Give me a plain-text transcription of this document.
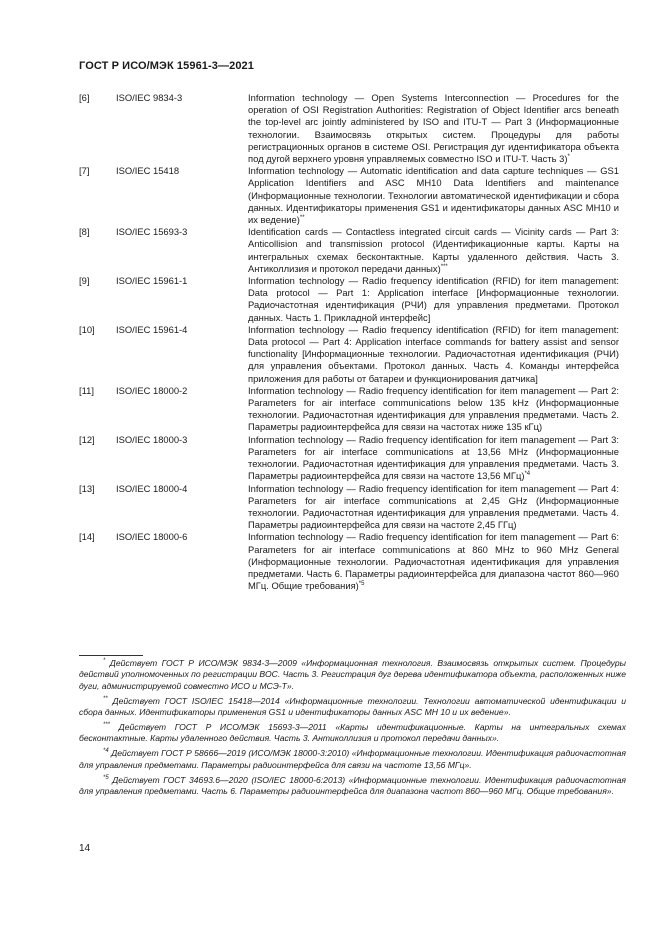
ГОСТ Р ИСО/МЭК 15961-3—2021
[6]	ISO/IEC 9834-3	Information technology — Open Systems Interconnection — Procedures for the operation of OSI Registration Authorities: Registration of Object Identifier arcs beneath the top-level arc jointly administered by ISO and ITU-T — Part 3 (Информационные технологии. Взаимосвязь открытых систем. Процедуры для работы регистрационных органов в системе OSI. Регистрация дуг идентификатора объекта под дугой верхнего уровня управляемых совместно ISO и ITU-T. Часть 3)*
[7]	ISO/IEC 15418	Information technology — Automatic identification and data capture techniques — GS1 Application Identifiers and ASC MH10 Data Identifiers and maintenance (Информационные технологии. Технологии автоматической идентификации и сбора данных. Идентификаторы применения GS1 и идентификаторы данных ASC MH10 и их ведение)**
[8]	ISO/IEC 15693-3	Identification cards — Contactless integrated circuit cards — Vicinity cards — Part 3: Anticollision and transmission protocol (Идентификационные карты. Карты на интегральных схемах бесконтактные. Карты удаленного действия. Часть 3. Антиколлизия и протокол передачи данных)***
[9]	ISO/IEC 15961-1	Information technology — Radio frequency identification (RFID) for item management: Data protocol — Part 1: Application interface [Информационные технологии. Радиочастотная идентификация (РЧИ) для управления предметами. Протокол данных. Часть 1. Прикладной интерфейс]
[10]	ISO/IEC 15961-4	Information technology — Radio frequency identification (RFID) for item management: Data protocol — Part 4: Application interface commands for battery assist and sensor functionality [Информационные технологии. Радиочастотная идентификация (РЧИ) для управления объектами. Протокол данных. Часть 4. Команды интерфейса приложения для работы от батареи и функционирования датчика]
[11]	ISO/IEC 18000-2	Information technology — Radio frequency identification for item management — Part 2: Parameters for air interface communications below 135 kHz (Информационные технологии. Радиочастотная идентификация для управления предметами. Часть 2. Параметры радиоинтерфейса для связи на частотах ниже 135 кГц)
[12]	ISO/IEC 18000-3	Information technology — Radio frequency identification for item management — Part 3: Parameters for air interface communications at 13,56 MHz (Информационные технологии. Радиочастотная идентификация для управления предметами. Часть 3. Параметры радиоинтерфейса для связи на частоте 13,56 МГц)$^{*4}$
[13]	ISO/IEC 18000-4	Information technology — Radio frequency identification for item management — Part 4: Parameters for air interface communications at 2,45 GHz (Информационные технологии. Радиочастотная идентификация для управления предметами. Часть 4. Параметры радиоинтерфейса для связи на частоте 2,45 ГГц)
[14]	ISO/IEC 18000-6	Information technology — Radio frequency identification for item management — Part 6: Parameters for air interface communications at 860 MHz to 960 MHz General (Информационные технологии. Радиочастотная идентификация для управления предметами. Часть 6. Параметры радиоинтерфейса для диапазона частот 860—960 МГц. Общие требования)$^{*5}$
* Действует ГОСТ Р ИСО/МЭК 9834-3—2009 «Информационная технология. Взаимосвязь открытых систем. Процедуры действий уполномоченных по регистрации ВОС. Часть 3. Регистрация дуг дерева идентификатора объекта, расположенных ниже дуги, администрируемой совместно ИСО и МСЭ-Т».
** Действует ГОСТ ISO/IEC 15418—2014 «Информационные технологии. Технологии автоматической идентификации и сбора данных. Идентификаторы применения GS1 и идентификаторы данных ASC MH 10 и их ведение».
*** Действует ГОСТ Р ИСО/МЭК 15693-3—2011 «Карты идентификационные. Карты на интегральных схемах бесконтактные. Карты удаленного действия. Часть 3. Антиколлизия и протокол передачи данных».
$^{*4}$ Действует ГОСТ Р 58666—2019 (ИСО/МЭК 18000-3:2010) «Информационные технологии. Идентификация радиочастотная для управления предметами. Параметры радиоинтерфейса для связи на частоте 13,56 МГц».
$^{*5}$ Действует ГОСТ 34693.6—2020 (ISO/IEC 18000-6:2013) «Информационные технологии. Идентификация радиочастотная для управления предметами. Часть 6. Параметры радиоинтерфейса для диапазона частот 860—960 МГц. Общие требования».
14
